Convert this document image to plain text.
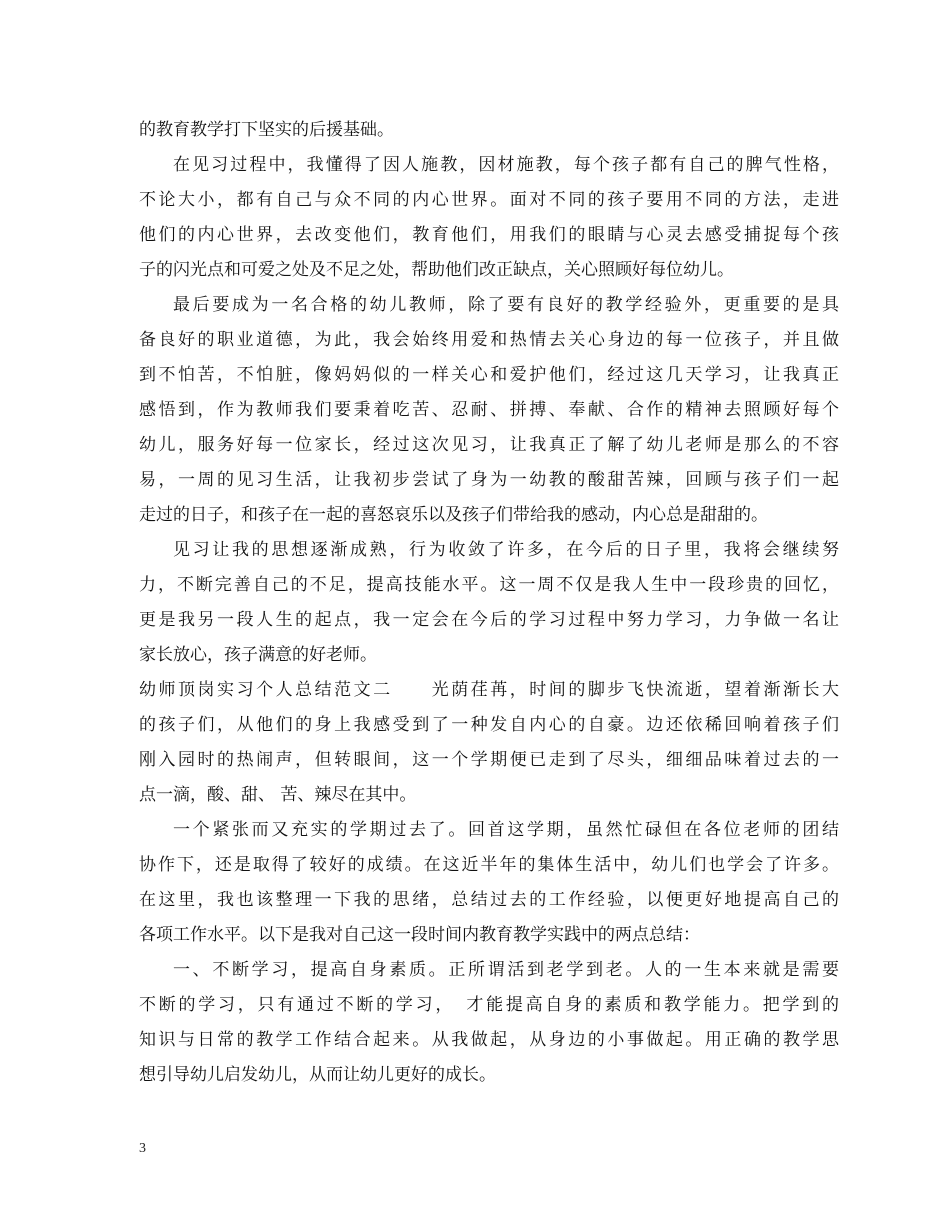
的教育教学打下坚实的后援基础。
在见习过程中，我懂得了因人施教，因材施教，每个孩子都有自己的脾气性格，
不论大小，都有自己与众不同的内心世界。面对不同的孩子要用不同的方法，走进
他们的内心世界，去改变他们，教育他们，用我们的眼睛与心灵去感受捕捉每个孩
子的闪光点和可爱之处及不足之处，帮助他们改正缺点，关心照顾好每位幼儿。
最后要成为一名合格的幼儿教师，除了要有良好的教学经验外，更重要的是具
备良好的职业道德，为此，我会始终用爱和热情去关心身边的每一位孩子，并且做
到不怕苦，不怕脏，像妈妈似的一样关心和爱护他们，经过这几天学习，让我真正
感悟到，作为教师我们要秉着吃苦、忍耐、拼搏、奉献、合作的精神去照顾好每个
幼儿，服务好每一位家长，经过这次见习，让我真正了解了幼儿老师是那么的不容
易，一周的见习生活，让我初步尝试了身为一幼教的酸甜苦辣，回顾与孩子们一起
走过的日子，和孩子在一起的喜怒哀乐以及孩子们带给我的感动，内心总是甜甜的。
见习让我的思想逐渐成熟，行为收敛了许多，在今后的日子里，我将会继续努
力，不断完善自己的不足，提高技能水平。这一周不仅是我人生中一段珍贵的回忆，
更是我另一段人生的起点，我一定会在今后的学习过程中努力学习，力争做一名让
家长放心，孩子满意的好老师。
幼师顶岗实习个人总结范文二　　光荫荏苒，时间的脚步飞快流逝，望着渐渐长大
的孩子们，从他们的身上我感受到了一种发自内心的自豪。边还依稀回响着孩子们
刚入园时的热闹声，但转眼间，这一个学期便已走到了尽头，细细品味着过去的一
点一滴，酸、甜、 苦、辣尽在其中。
一个紧张而又充实的学期过去了。回首这学期，虽然忙碌但在各位老师的团结
协作下，还是取得了较好的成绩。在这近半年的集体生活中，幼儿们也学会了许多。
在这里，我也该整理一下我的思绪，总结过去的工作经验，以便更好地提高自己的
各项工作水平。以下是我对自己这一段时间内教育教学实践中的两点总结：
一、不断学习，提高自身素质。正所谓活到老学到老。人的一生本来就是需要
不断的学习，只有通过不断的学习，　才能提高自身的素质和教学能力。把学到的
知识与日常的教学工作结合起来。从我做起，从身边的小事做起。用正确的教学思
想引导幼儿启发幼儿，从而让幼儿更好的成长。
3
